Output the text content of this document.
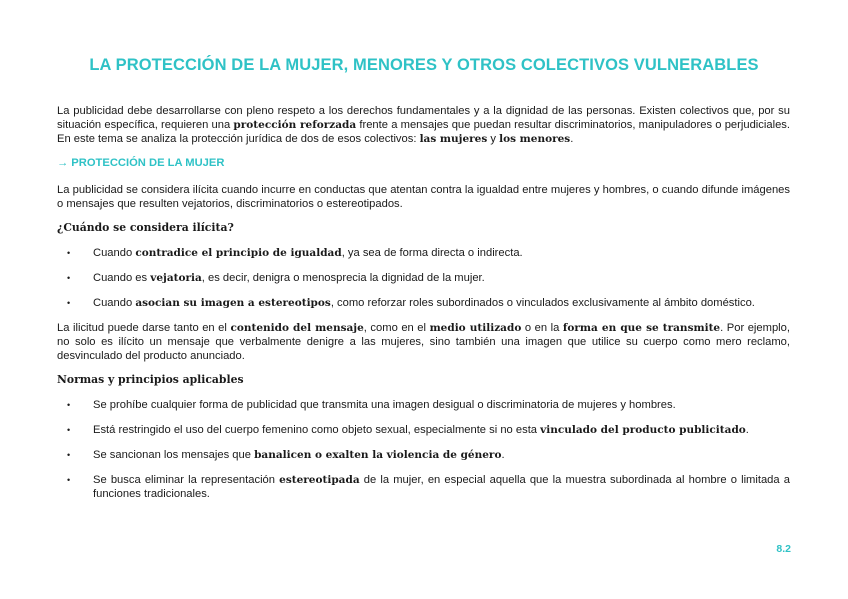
LA PROTECCIÓN DE LA MUJER, MENORES Y OTROS COLECTIVOS VULNERABLES

La publicidad debe desarrollarse con pleno respeto a los derechos fundamentales y a la dignidad de las personas. Existen colectivos que, por su situación específica, requieren una protección reforzada frente a mensajes que puedan resultar discriminatorios, manipuladores o perjudiciales. En este tema se analiza la protección jurídica de dos de esos colectivos: las mujeres y los menores.

→ PROTECCIÓN DE LA MUJER

La publicidad se considera ilícita cuando incurre en conductas que atentan contra la igualdad entre mujeres y hombres, o cuando difunde imágenes o mensajes que resulten vejatorios, discriminatorios o estereotipados.

¿Cuándo se considera ilícita?
• Cuando contradice el principio de igualdad, ya sea de forma directa o indirecta.
• Cuando es vejatoria, es decir, denigra o menosprecia la dignidad de la mujer.
• Cuando asocian su imagen a estereotipos, como reforzar roles subordinados o vinculados exclusivamente al ámbito doméstico.

La ilicitud puede darse tanto en el contenido del mensaje, como en el medio utilizado o en la forma en que se transmite. Por ejemplo, no solo es ilícito un mensaje que verbalmente denigre a las mujeres, sino también una imagen que utilice su cuerpo como mero reclamo, desvinculado del producto anunciado.

Normas y principios aplicables
• Se prohíbe cualquier forma de publicidad que transmita una imagen desigual o discriminatoria de mujeres y hombres.
• Está restringido el uso del cuerpo femenino como objeto sexual, especialmente si no esta vinculado del producto publicitado.
• Se sancionan los mensajes que banalicen o exalten la violencia de género.
• Se busca eliminar la representación estereotipada de la mujer, en especial aquella que la muestra subordinada al hombre o limitada a funciones tradicionales.
8.2
